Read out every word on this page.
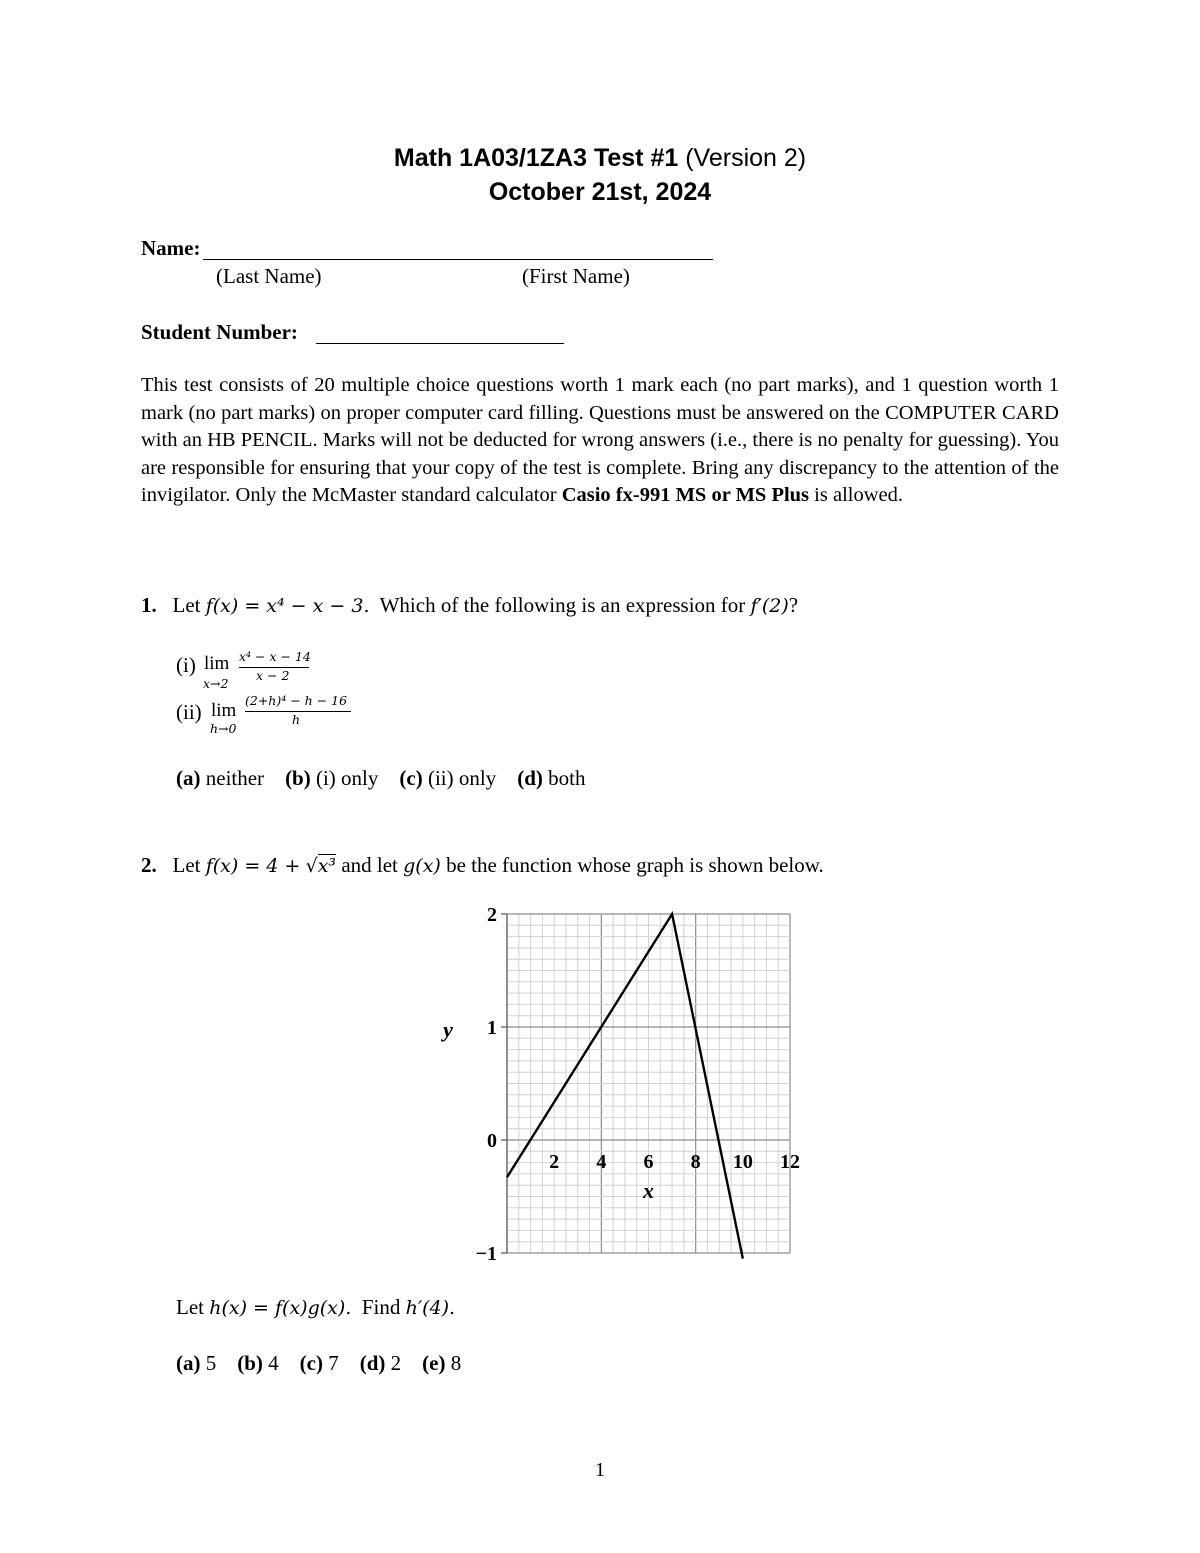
Math 1A03/1ZA3 Test #1 (Version 2)
October 21st, 2024
Name:
(Last Name)	(First Name)
Student Number:
This test consists of 20 multiple choice questions worth 1 mark each (no part marks), and 1 question worth 1 mark (no part marks) on proper computer card filling. Questions must be answered on the COMPUTER CARD with an HB PENCIL. Marks will not be deducted for wrong answers (i.e., there is no penalty for guessing). You are responsible for ensuring that your copy of the test is complete. Bring any discrepancy to the attention of the invigilator. Only the McMaster standard calculator Casio fx-991 MS or MS Plus is allowed.
1. Let f(x) = x⁴ − x − 3. Which of the following is an expression for f′(2)?
(i) lim
x→2
x⁴ − x − 14
x − 2
(ii) lim
h→0
(2+h)⁴ − h − 16
h
(a) neither (b) (i) only (c) (ii) only (d) both
2. Let f(x) = 4 + √x³ and let g(x) be the function whose graph is shown below.
2 4 6 8 10 12
2
1
0
−1
x
y
Let h(x) = f(x)g(x). Find h′(4).
(a) 5 (b) 4 (c) 7 (d) 2 (e) 8
1
